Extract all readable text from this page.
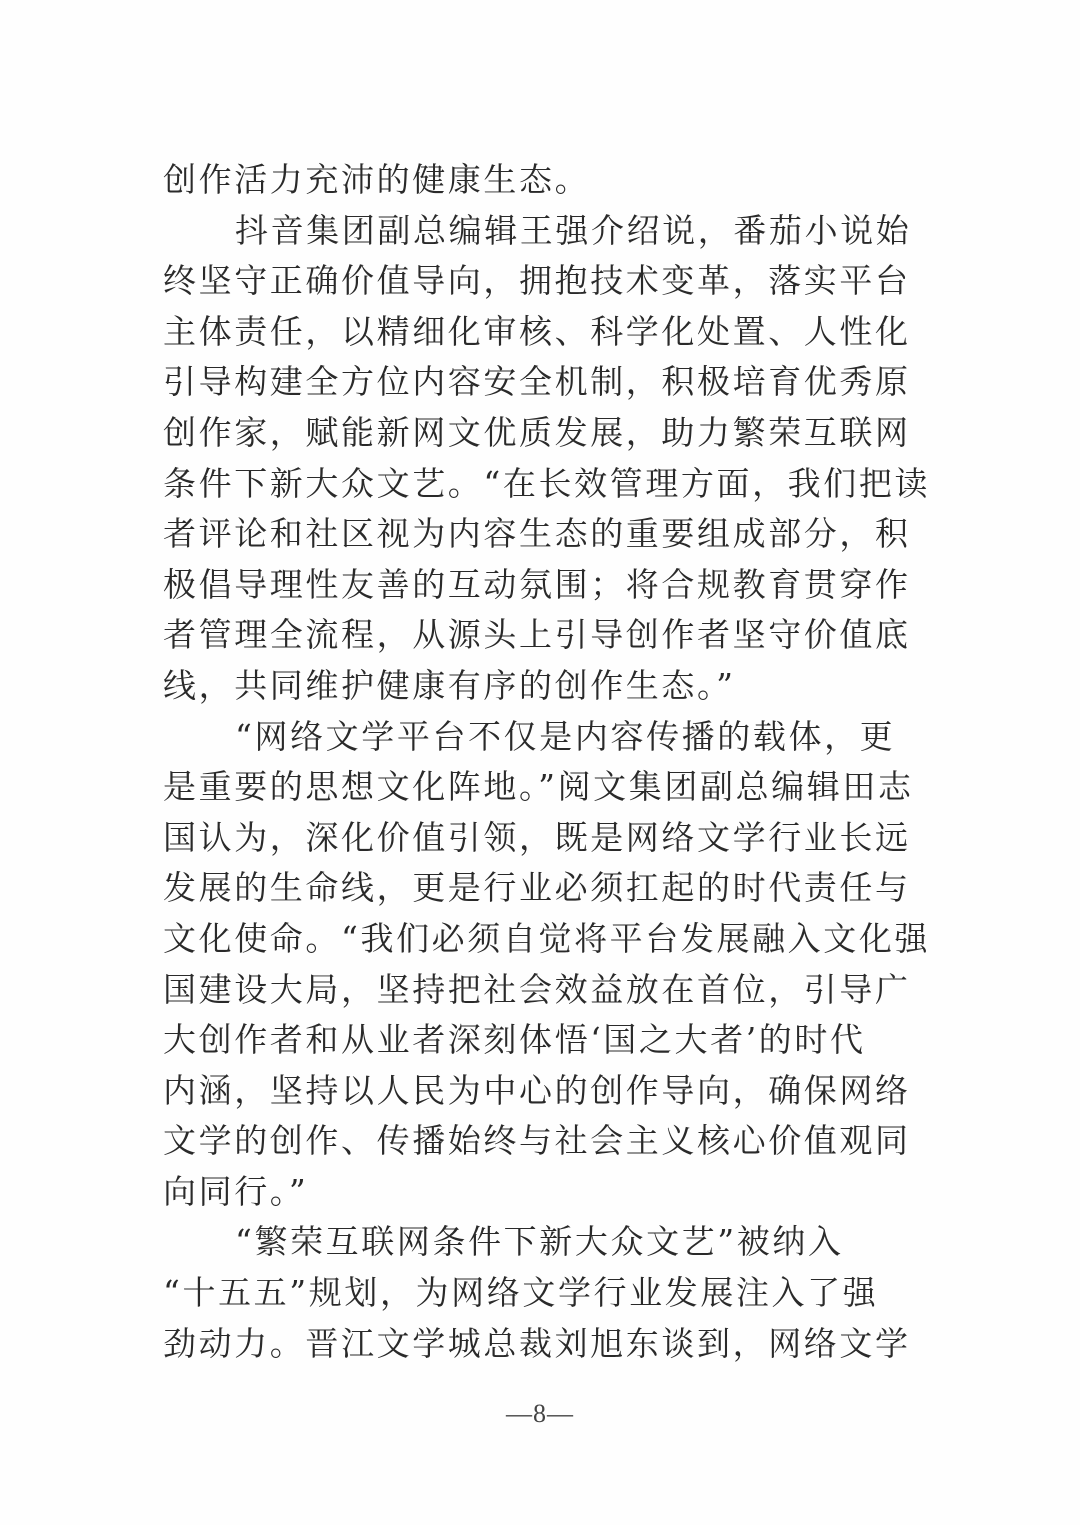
创作活力充沛的健康生态。
抖音集团副总编辑王强介绍说，番茄小说始
终坚守正确价值导向，拥抱技术变革，落实平台
主体责任，以精细化审核、科学化处置、人性化
引导构建全方位内容安全机制，积极培育优秀原
创作家，赋能新网文优质发展，助力繁荣互联网
条件下新大众文艺。“在长效管理方面，我们把读
者评论和社区视为内容生态的重要组成部分，积
极倡导理性友善的互动氛围；将合规教育贯穿作
者管理全流程，从源头上引导创作者坚守价值底
线，共同维护健康有序的创作生态。”
“网络文学平台不仅是内容传播的载体，更
是重要的思想文化阵地。”阅文集团副总编辑田志
国认为，深化价值引领，既是网络文学行业长远
发展的生命线，更是行业必须扛起的时代责任与
文化使命。“我们必须自觉将平台发展融入文化强
国建设大局，坚持把社会效益放在首位，引导广
大创作者和从业者深刻体悟‘国之大者’的时代
内涵，坚持以人民为中心的创作导向，确保网络
文学的创作、传播始终与社会主义核心价值观同
向同行。”
“繁荣互联网条件下新大众文艺”被纳入
“十五五”规划，为网络文学行业发展注入了强
劲动力。晋江文学城总裁刘旭东谈到，网络文学
—8—
